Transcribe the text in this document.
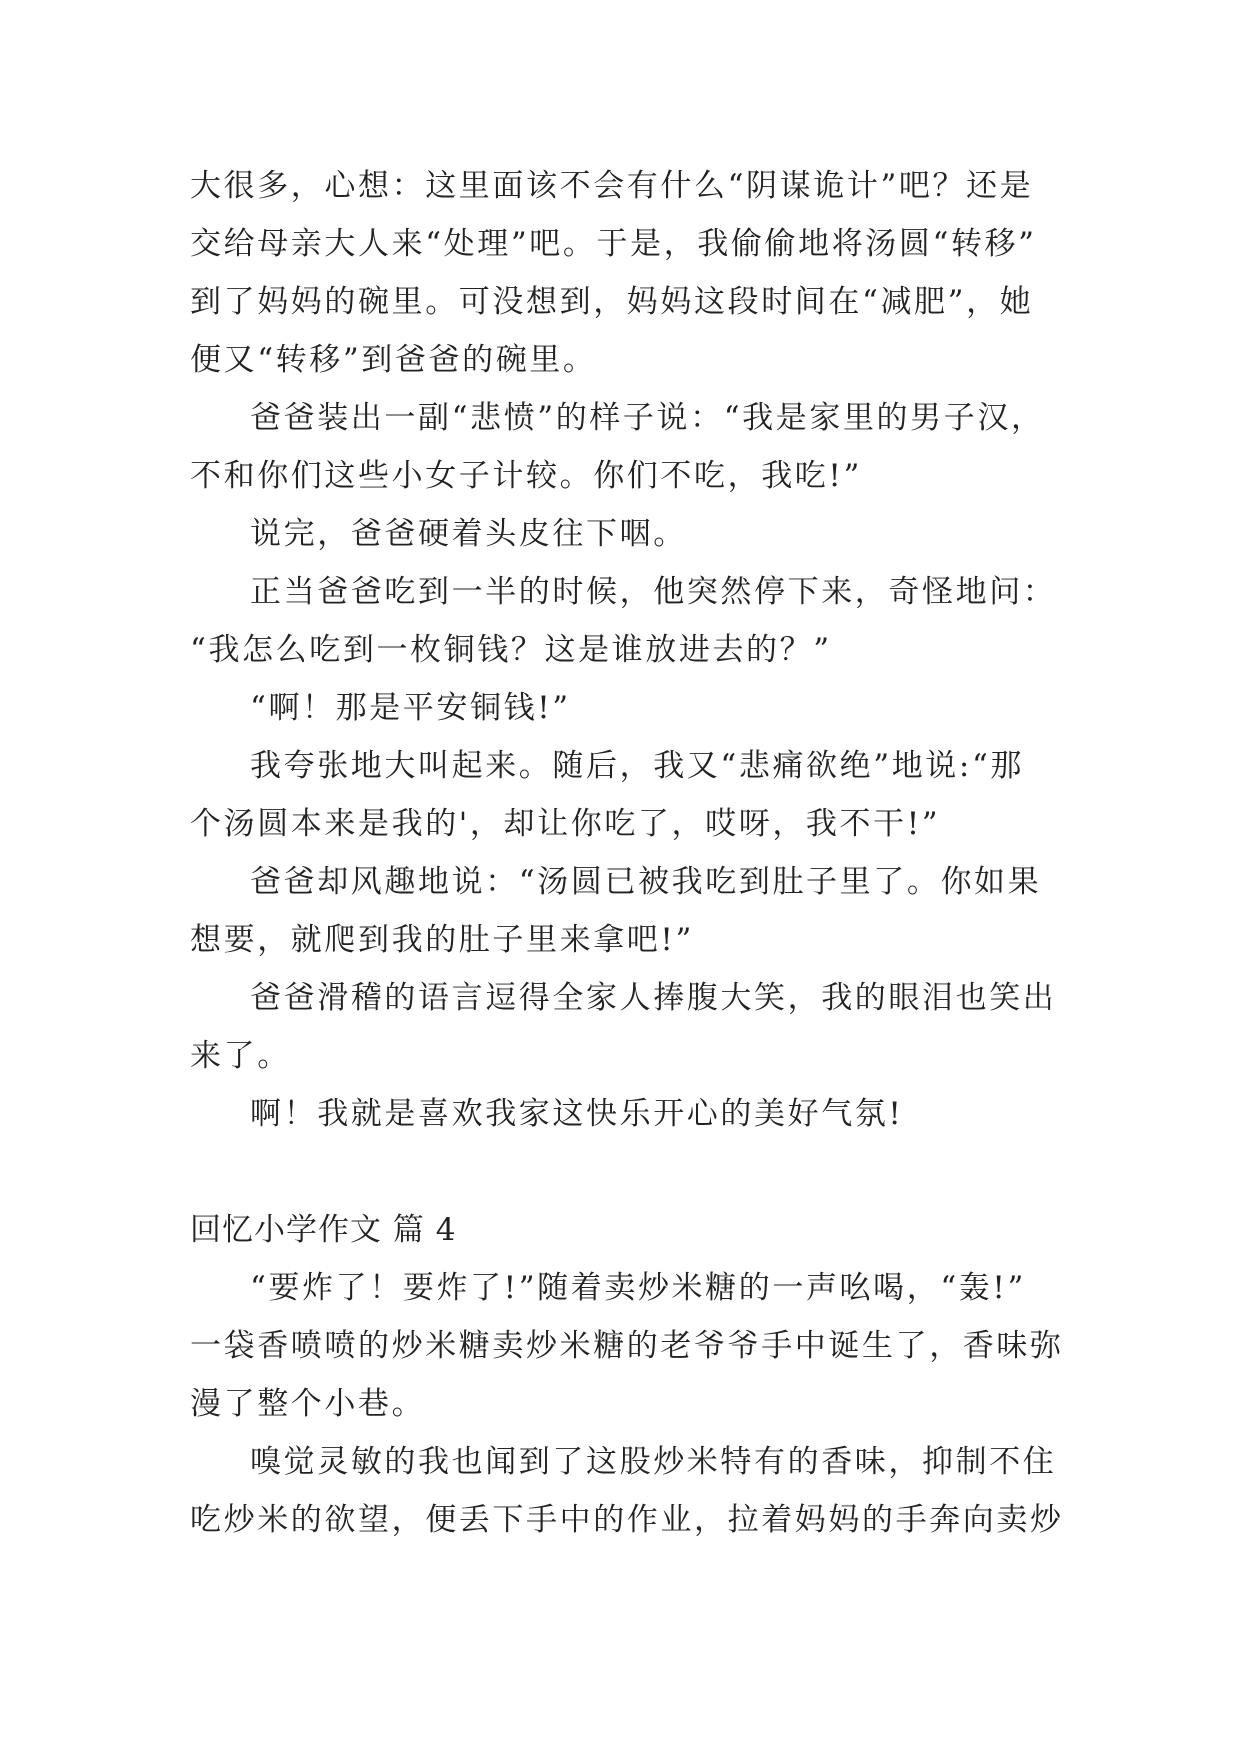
大很多，心想：这里面该不会有什么“阴谋诡计”吧？还是
交给母亲大人来“处理”吧。于是，我偷偷地将汤圆“转移”
到了妈妈的碗里。可没想到，妈妈这段时间在“减肥”，她
便又“转移”到爸爸的碗里。
爸爸装出一副“悲愤”的样子说：“我是家里的男子汉，
不和你们这些小女子计较。你们不吃，我吃!”
说完，爸爸硬着头皮往下咽。
正当爸爸吃到一半的时候，他突然停下来，奇怪地问：
“我怎么吃到一枚铜钱？这是谁放进去的？”
“啊！那是平安铜钱!”
我夸张地大叫起来。随后，我又“悲痛欲绝”地说:“那
个汤圆本来是我的'，却让你吃了，哎呀，我不干!”
爸爸却风趣地说：“汤圆已被我吃到肚子里了。你如果
想要，就爬到我的肚子里来拿吧!”
爸爸滑稽的语言逗得全家人捧腹大笑，我的眼泪也笑出
来了。
啊！我就是喜欢我家这快乐开心的美好气氛!
回忆小学作文 篇 4
“要炸了！要炸了!”随着卖炒米糖的一声吆喝，“轰!”
一袋香喷喷的炒米糖卖炒米糖的老爷爷手中诞生了，香味弥
漫了整个小巷。
嗅觉灵敏的我也闻到了这股炒米特有的香味，抑制不住
吃炒米的欲望，便丢下手中的作业，拉着妈妈的手奔向卖炒
